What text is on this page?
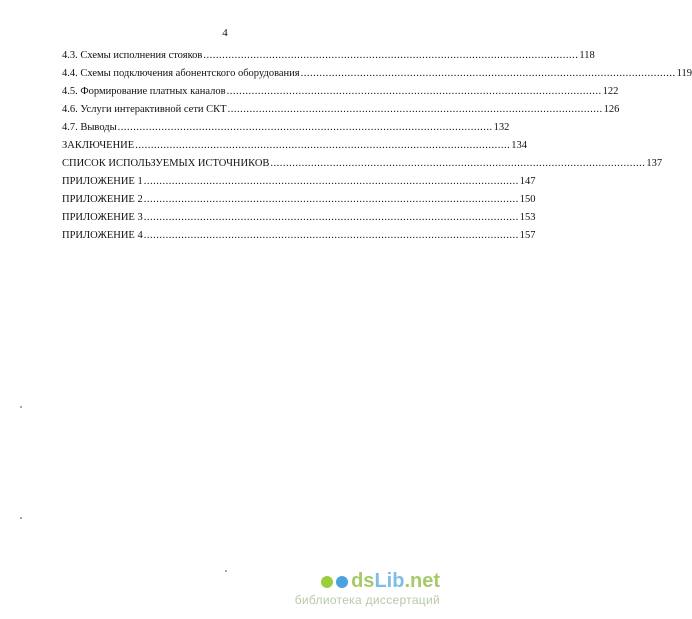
4
4.3. Схемы исполнения стояков ........................................................................................................................ 118
4.4. Схемы подключения абонентского оборудования ........................................................................................................................ 119
4.5. Формирование платных каналов ........................................................................................................................ 122
4.6. Услуги интерактивной сети СКТ ........................................................................................................................ 126
4.7. Выводы ........................................................................................................................ 132
ЗАКЛЮЧЕНИЕ ........................................................................................................................ 134
СПИСОК ИСПОЛЬЗУЕМЫХ ИСТОЧНИКОВ ........................................................................................................................ 137
ПРИЛОЖЕНИЕ 1 ........................................................................................................................ 147
ПРИЛОЖЕНИЕ 2 ........................................................................................................................ 150
ПРИЛОЖЕНИЕ 3 ........................................................................................................................ 153
ПРИЛОЖЕНИЕ 4 ........................................................................................................................ 157
dsLib.net
библиотека диссертаций
